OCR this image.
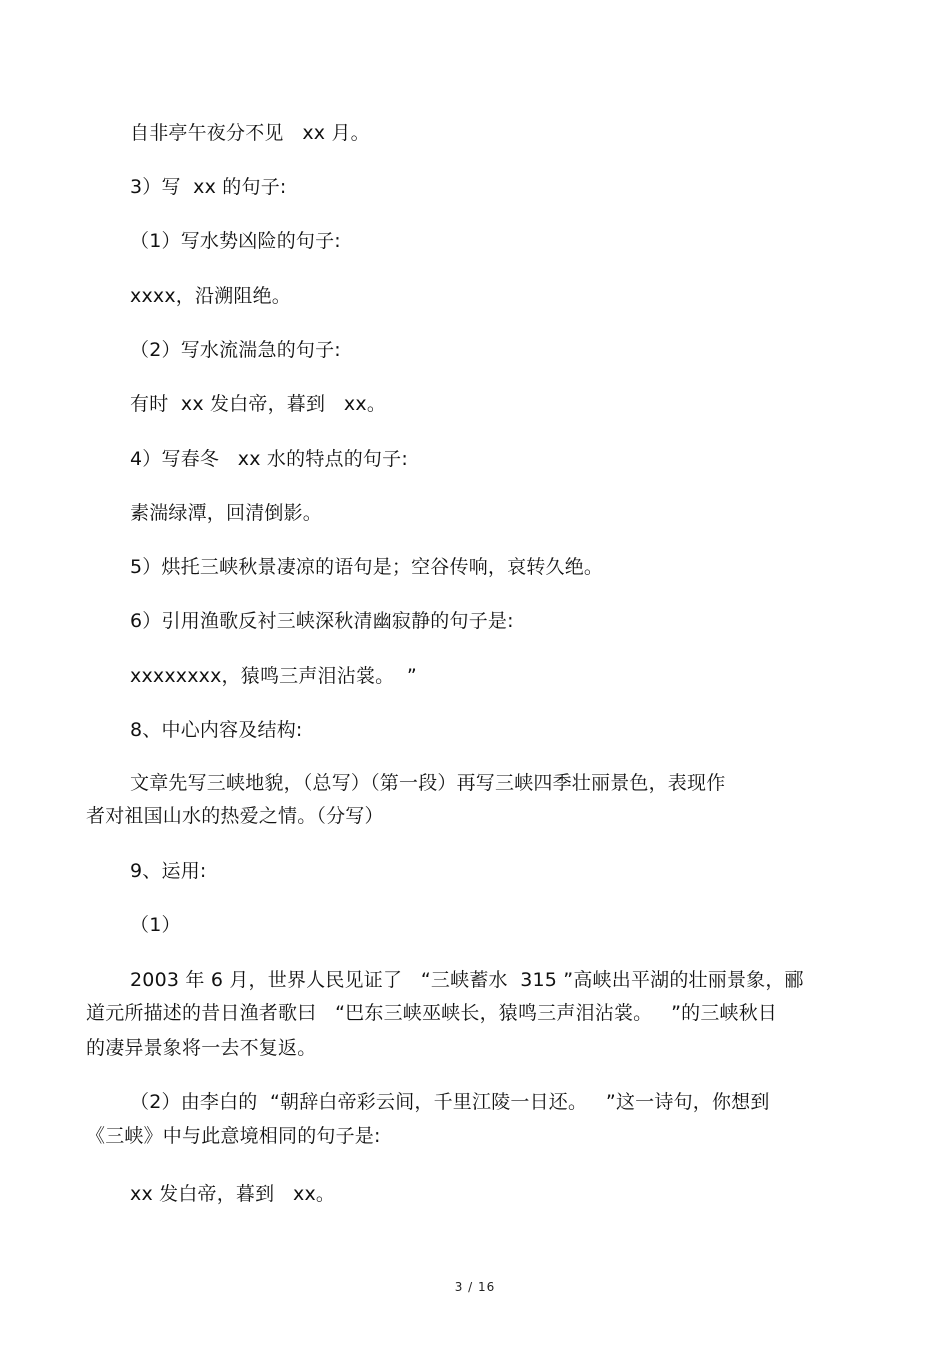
自非亭午夜分不见   xx 月。
3）写  xx 的句子:
（1）写水势凶险的句子:
xxxx，沿溯阻绝。
（2）写水流湍急的句子:
有时  xx 发白帝，暮到   xx。
4）写春冬   xx 水的特点的句子:
素湍绿潭，回清倒影。
5）烘托三峡秋景凄凉的语句是；空谷传响，哀转久绝。
6）引用渔歌反衬三峡深秋清幽寂静的句子是:
xxxxxxxx，猿鸣三声泪沾裳。  ”
8、中心内容及结构:
文章先写三峡地貌，（总写）（第一段）再写三峡四季壮丽景色，表现作
者对祖国山水的热爱之情。（分写）
9、运用:
（1）
2003 年 6 月，世界人民见证了   “三峡蓄水  315 ”高峡出平湖的壮丽景象，郦
道元所描述的昔日渔者歌曰   “巴东三峡巫峡长，猿鸣三声泪沾裳。   ”的三峡秋日
的凄异景象将一去不复返。
（2）由李白的  “朝辞白帝彩云间，千里江陵一日还。   ”这一诗句，你想到
《三峡》中与此意境相同的句子是:
xx 发白帝，暮到   xx。
3 / 16
